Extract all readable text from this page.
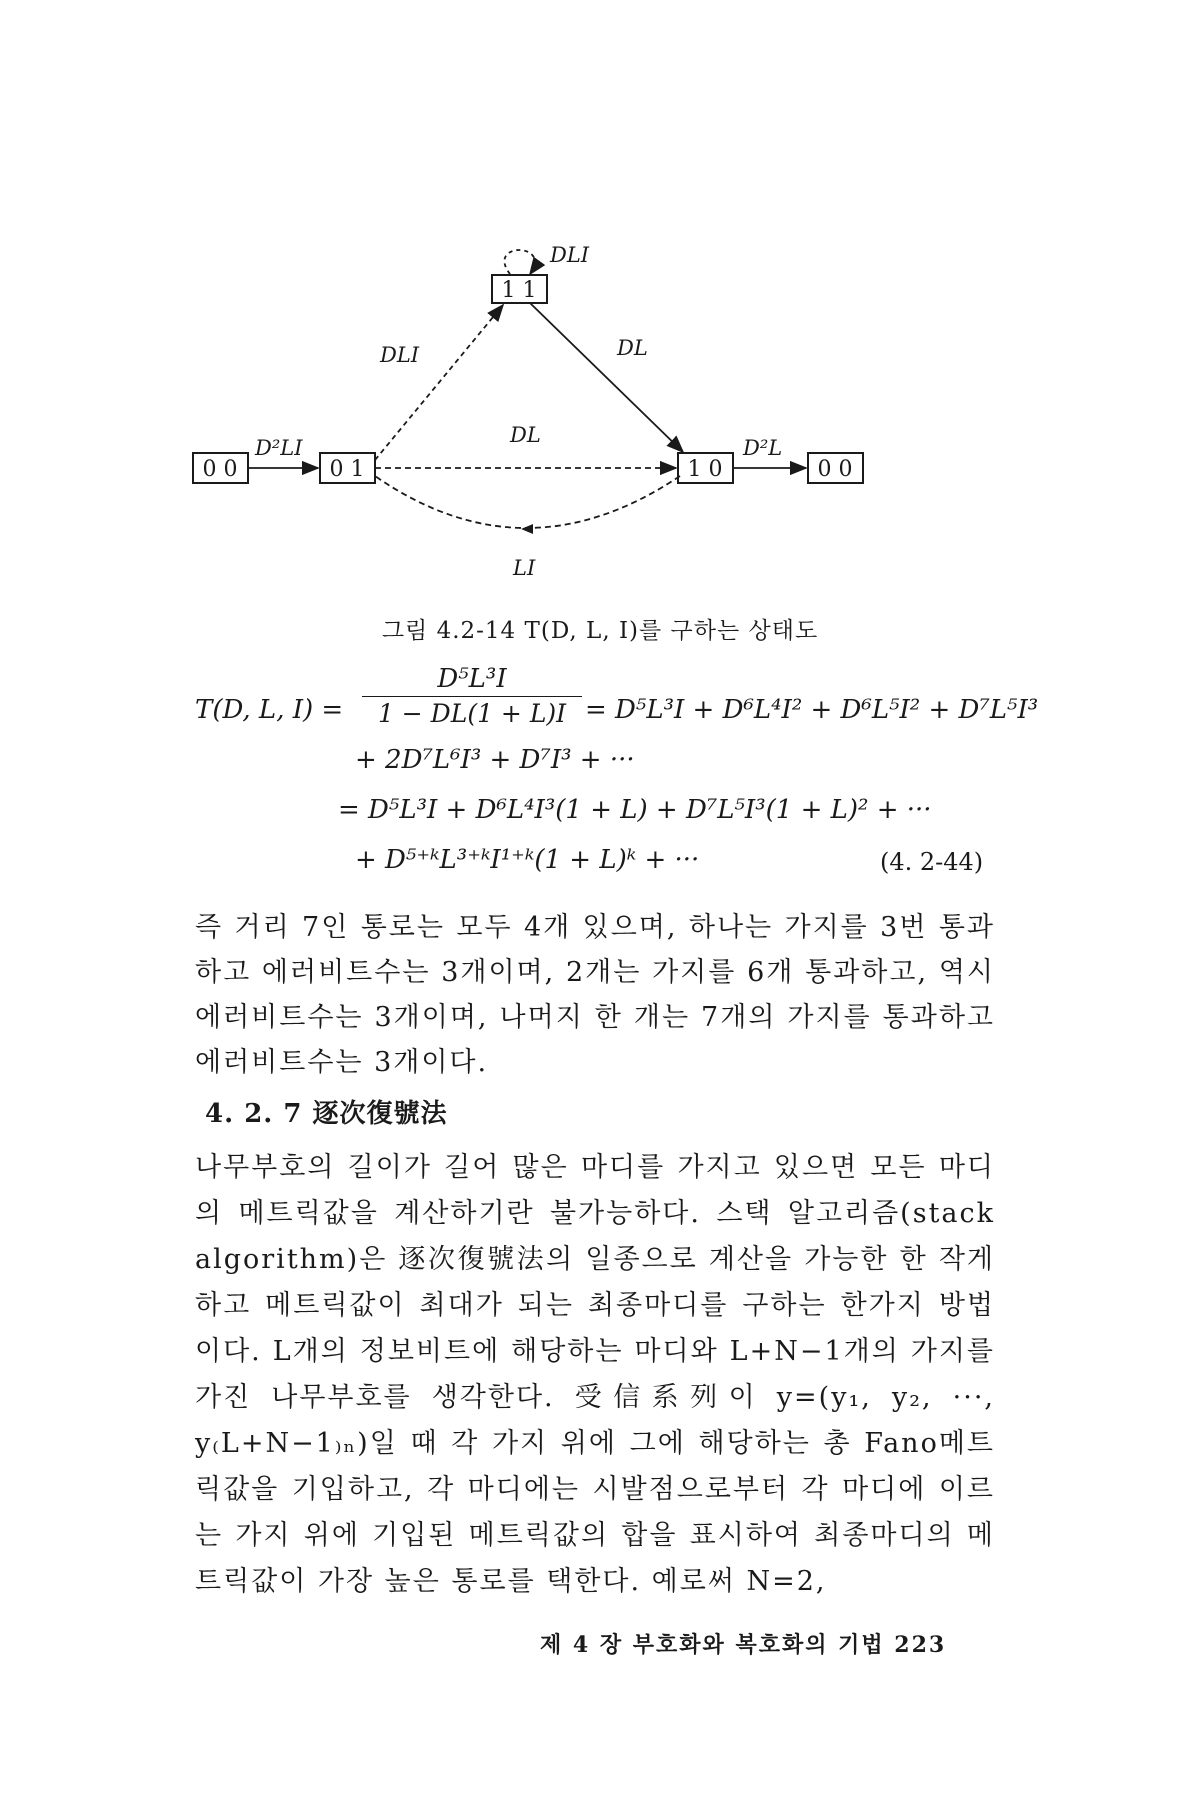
0 0	0 1
1 1
1 0	0 0
DLI
D²LI
DLI	DL
DL
LI
D²L
그림 4.2-14 T(D, L, I)를 구하는 상태도
T(D, L, $I) = \frac{\text{D⁵L³I}}{1 - DL(1 + L)I} = D^5L^3I + D^6L^4I^2 + D^6L^5I^2 + D^7L^5I^3$
+ 2D⁷L⁶I³ + D⁷I³ + ···
= D⁵L³I + D⁶L⁴I³(1 + L) + D⁷L⁵I³(1 + L)² + ···
+ D⁵⁺ᵏL³⁺ᵏI¹⁺ᵏ(1 + L)ᵏ + ···	(4. 2-44)
즉 거리 7인 통로는 모두 4개 있으며, 하나는 가지를 3번 통과하고 에러비트수는 3개이며, 2개는 가지를 6개 통과하고, 역시 에러비트수는 3개이며, 나머지 한 개는 7개의 가지를 통과하고 에러비트수는 3개이다.
4. 2. 7 逐次復號法
나무부호의 길이가 길어 많은 마디를 가지고 있으면 모든 마디의 메트릭값을 계산하기란 불가능하다. 스택 알고리즘(stack algorithm)은 逐次復號法의 일종으로 계산을 가능한 한 작게 하고 메트릭값이 최대가 되는 최종마디를 구하는 한가지 방법이다. L개의 정보비트에 해당하는 마디와 L+N−1개의 가지를 가진 나무부호를 생각한다. 受信系列이 y=(y₁, y₂, ···, y₍L+N−1₎ₙ)일 때 각 가지 위에 그에 해당하는 총 Fano메트릭값을 기입하고, 각 마디에는 시발점으로부터 각 마디에 이르는 가지 위에 기입된 메트릭값의 합을 표시하여 최종마디의 메트릭값이 가장 높은 통로를 택한다. 예로써 N=2,
제 4 장 부호화와 복호화의 기법 223
